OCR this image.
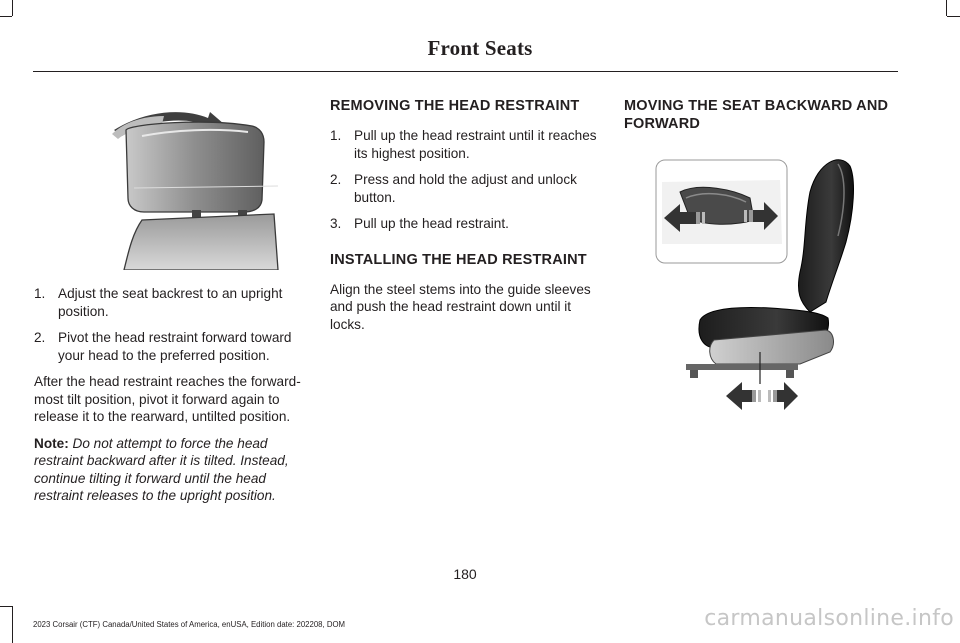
Front Seats
1. Adjust the seat backrest to an upright position.
2. Pivot the head restraint forward toward your head to the preferred position.

After the head restraint reaches the forward-most tilt position, pivot it forward again to release it to the rearward, untilted position.

Note: Do not attempt to force the head restraint backward after it is tilted. Instead, continue tilting it forward until the head restraint releases to the upright position.

REMOVING THE HEAD RESTRAINT
1. Pull up the head restraint until it reaches its highest position.
2. Press and hold the adjust and unlock button.
3. Pull up the head restraint.
INSTALLING THE HEAD RESTRAINT

Align the steel stems into the guide sleeves and push the head restraint down until it locks.

MOVING THE SEAT BACKWARD AND FORWARD
180
2023 Corsair (CTF) Canada/United States of America, enUSA, Edition date: 202208, DOM	carmanualsonline.info
